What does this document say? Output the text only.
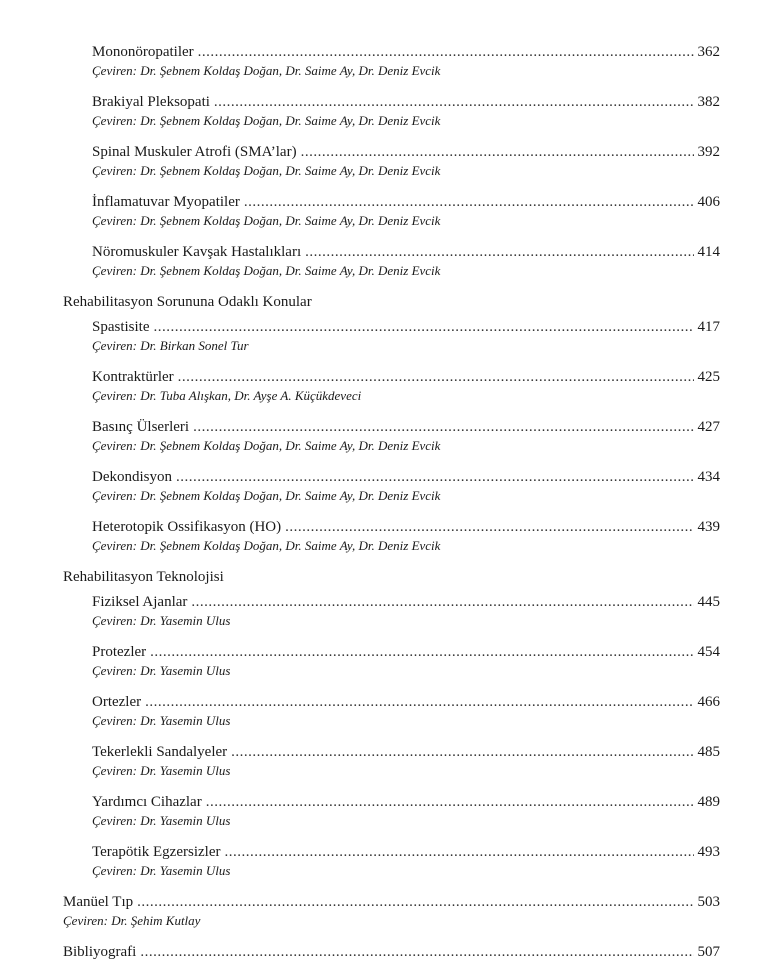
Mononöropatiler .....	362
Çeviren: Dr. Şebnem Koldaş Doğan, Dr. Saime Ay, Dr. Deniz Evcik
Brakiyal Pleksopati .....	382
Çeviren: Dr. Şebnem Koldaş Doğan, Dr. Saime Ay, Dr. Deniz Evcik
Spinal Muskuler Atrofi (SMA’lar) .....	392
Çeviren: Dr. Şebnem Koldaş Doğan, Dr. Saime Ay, Dr. Deniz Evcik
İnflamatuvar Myopatiler .....	406
Çeviren: Dr. Şebnem Koldaş Doğan, Dr. Saime Ay, Dr. Deniz Evcik
Nöromuskuler Kavşak Hastalıkları .....	414
Çeviren: Dr. Şebnem Koldaş Doğan, Dr. Saime Ay, Dr. Deniz Evcik
Rehabilitasyon Sorununa Odaklı Konular
Spastisite .....	417
Çeviren: Dr. Birkan Sonel Tur
Kontraktürler .....	425
Çeviren: Dr. Tuba Alışkan, Dr. Ayşe A. Küçükdeveci
Basınç Ülserleri .....	427
Çeviren: Dr. Şebnem Koldaş Doğan, Dr. Saime Ay, Dr. Deniz Evcik
Dekondisyon .....	434
Çeviren: Dr. Şebnem Koldaş Doğan, Dr. Saime Ay, Dr. Deniz Evcik
Heterotopik Ossifikasyon (HO) .....	439
Çeviren: Dr. Şebnem Koldaş Doğan, Dr. Saime Ay, Dr. Deniz Evcik
Rehabilitasyon Teknolojisi
Fiziksel Ajanlar .....	445
Çeviren: Dr. Yasemin Ulus
Protezler .....	454
Çeviren: Dr. Yasemin Ulus
Ortezler .....	466
Çeviren: Dr. Yasemin Ulus
Tekerlekli Sandalyeler .....	485
Çeviren: Dr. Yasemin Ulus
Yardımcı Cihazlar .....	489
Çeviren: Dr. Yasemin Ulus
Terapötik Egzersizler .....	493
Çeviren: Dr. Yasemin Ulus
Manüel Tıp .....	503
Çeviren: Dr. Şehim Kutlay
Bibliyografi .....	507
